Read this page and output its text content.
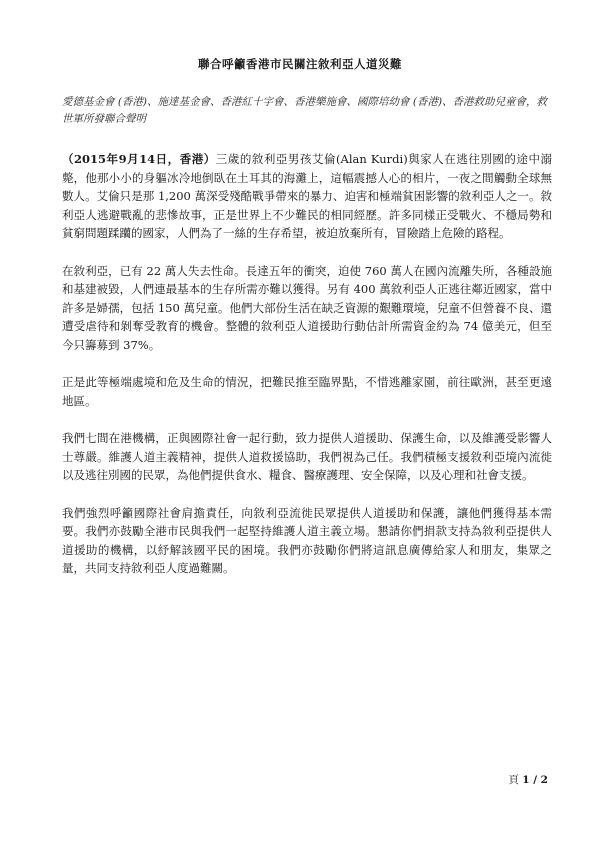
聯合呼籲香港市民關注敘利亞人道災難
愛德基金會 (香港)、施達基金會、香港紅十字會、香港樂施會、國際培幼會 (香港)、香港救助兒童會，救世軍所發聯合聲明

（2015年9月14日，香港）三歲的敘利亞男孩艾倫(Alan Kurdi)與家人在逃往別國的途中溺斃，他那小小的身軀冰冷地倒臥在土耳其的海灘上，這幅震撼人心的相片，一夜之間觸動全球無數人。艾倫只是那 1,200 萬深受殘酷戰爭帶來的暴力、迫害和極端貧困影響的敘利亞人之一。敘利亞人逃避戰亂的悲慘故事，正是世界上不少難民的相同經歷。許多同樣正受戰火、不穩局勢和貧窮問題蹂躪的國家，人們為了一絲的生存希望，被迫放棄所有，冒險踏上危險的路程。

在敘利亞，已有 22 萬人失去性命。長達五年的衝突，迫使 760 萬人在國內流離失所，各種設施和基建被毀，人們連最基本的生存所需亦難以獲得。另有 400 萬敘利亞人正逃往鄰近國家，當中許多是婦孺，包括 150 萬兒童。他們大部份生活在缺乏資源的艱難環境，兒童不但營養不良、還遭受虐待和剝奪受教育的機會。整體的敘利亞人道援助行動估計所需資金約為 74 億美元，但至今只籌募到 37%。

正是此等極端處境和危及生命的情況，把難民推至臨界點，不惜逃離家園，前往歐洲，甚至更遠地區。

我們七間在港機構，正與國際社會一起行動，致力提供人道援助、保護生命，以及維護受影響人士尊嚴。維護人道主義精神，提供人道救援協助，我們視為己任。我們積極支援敘利亞境內流徙以及逃往別國的民眾，為他們提供食水、糧食、醫療護理、安全保障，以及心理和社會支援。

我們強烈呼籲國際社會肩擔責任，向敘利亞流徙民眾提供人道援助和保護，讓他們獲得基本需要。我們亦鼓勵全港市民與我們一起堅持維護人道主義立場。懇請你們捐款支持為敘利亞提供人道援助的機構，以紓解該國平民的困境。我們亦鼓勵你們將這訊息廣傳給家人和朋友，集眾之量，共同支持敘利亞人度過難關。

頁 1 / 2
